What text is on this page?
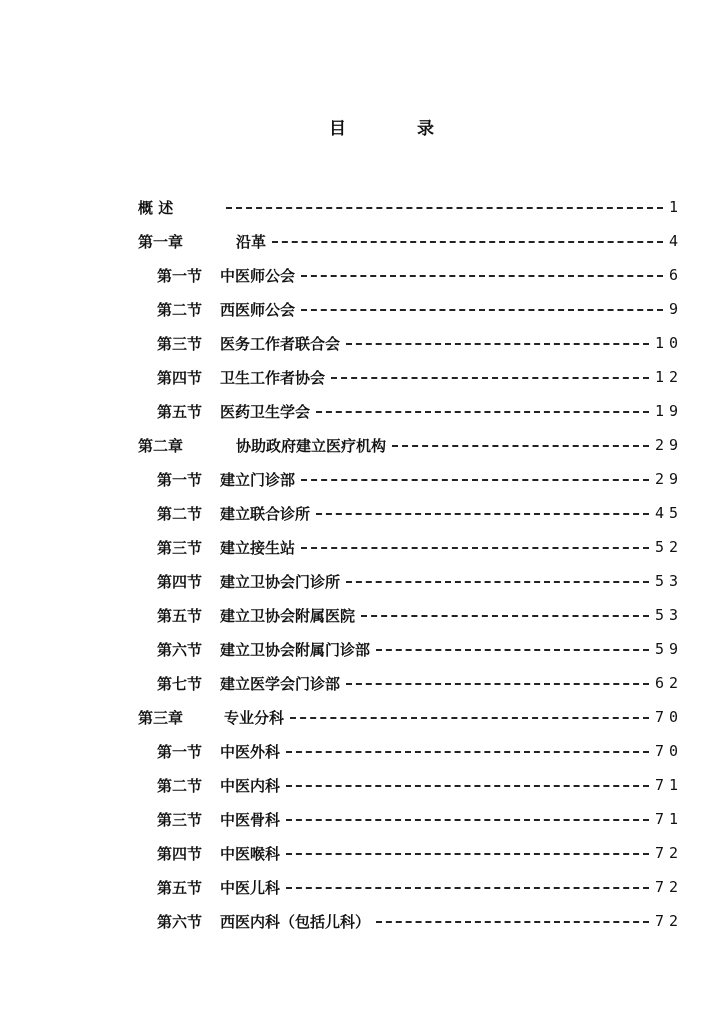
目	录
概 述	1
第一章	沿革	4
第一节 中医师公会	6
第二节 西医师公会	9
第三节 医务工作者联合会	10
第四节 卫生工作者协会	12
第五节 医药卫生学会	19
第二章	协助政府建立医疗机构	29
第一节 建立门诊部	29
第二节 建立联合诊所	45
第三节 建立接生站	52
第四节 建立卫协会门诊所	53
第五节 建立卫协会附属医院	53
第六节 建立卫协会附属门诊部	59
第七节 建立医学会门诊部	62
第三章	专业分科	70
第一节 中医外科	70
第二节 中医内科	71
第三节 中医骨科	71
第四节 中医喉科	72
第五节 中医儿科	72
第六节 西医内科（包括儿科）	72
